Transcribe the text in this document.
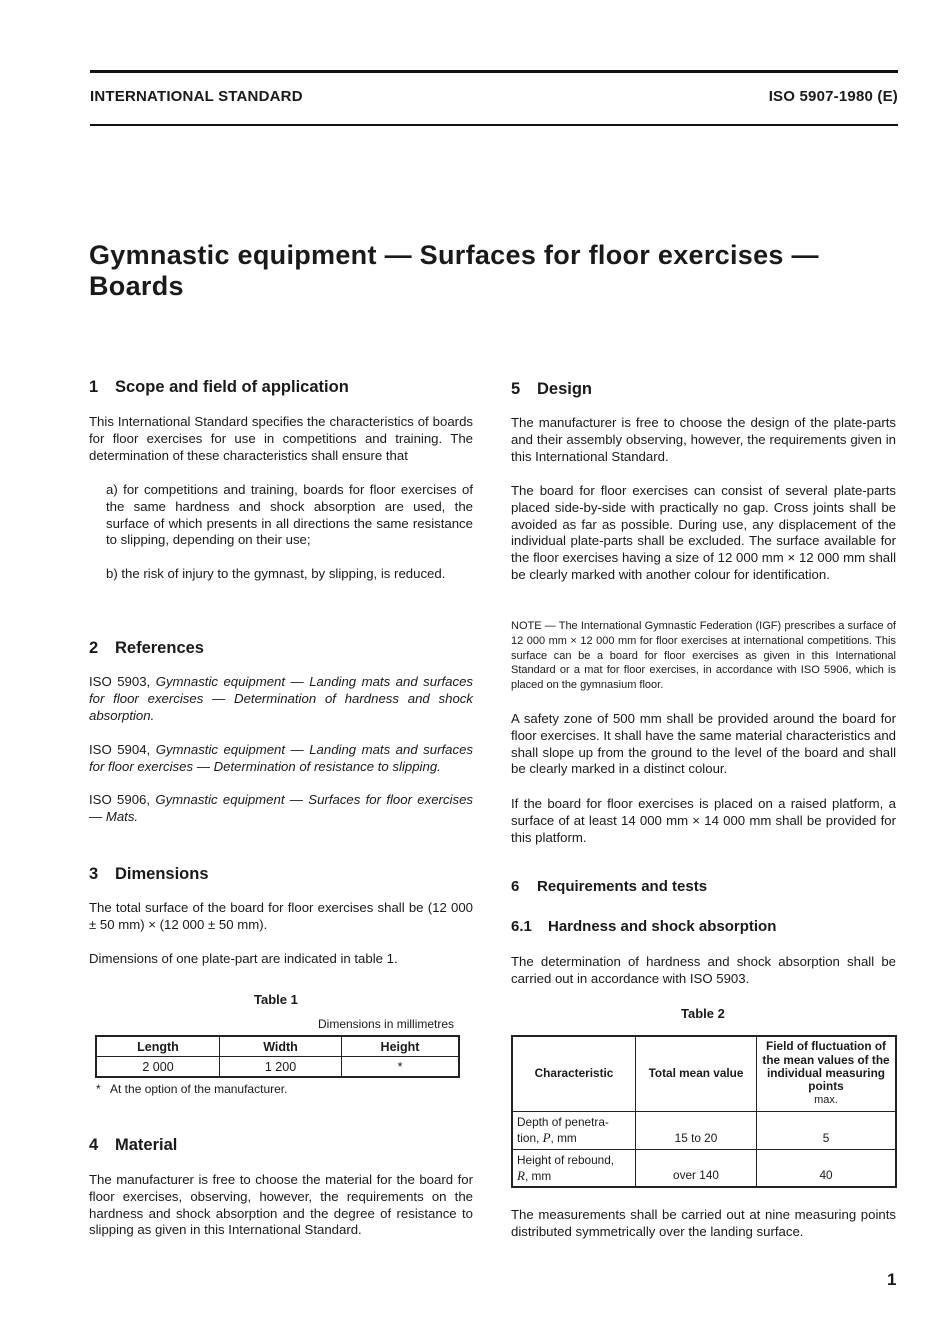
INTERNATIONAL STANDARD	ISO 5907-1980 (E)
Gymnastic equipment — Surfaces for floor exercises —
Boards
1 Scope and field of application
This International Standard specifies the characteristics of boards for floor exercises for use in competitions and training. The determination of these characteristics shall ensure that
a) for competitions and training, boards for floor exercises of the same hardness and shock absorption are used, the surface of which presents in all directions the same resistance to slipping, depending on their use;
b) the risk of injury to the gymnast, by slipping, is reduced.
2 References
ISO 5903, Gymnastic equipment — Landing mats and surfaces for floor exercises — Determination of hardness and shock absorption.
ISO 5904, Gymnastic equipment — Landing mats and surfaces for floor exercises — Determination of resistance to slipping.
ISO 5906, Gymnastic equipment — Surfaces for floor exercises — Mats.
3 Dimensions
The total surface of the board for floor exercises shall be (12 000 ± 50 mm) × (12 000 ± 50 mm).
Dimensions of one plate-part are indicated in table 1.
Table 1
Dimensions in millimetres
Length	Width	Height
2 000	1 200	*
*   At the option of the manufacturer.
4 Material
The manufacturer is free to choose the material for the board for floor exercises, observing, however, the requirements on the hardness and shock absorption and the degree of resistance to slipping as given in this International Standard.
5 Design
The manufacturer is free to choose the design of the plate-parts and their assembly observing, however, the requirements given in this International Standard.
The board for floor exercises can consist of several plate-parts placed side-by-side with practically no gap. Cross joints shall be avoided as far as possible. During use, any displacement of the individual plate-parts shall be excluded. The surface available for the floor exercises having a size of 12 000 mm × 12 000 mm shall be clearly marked with another colour for identification.
NOTE — The International Gymnastic Federation (IGF) prescribes a surface of 12 000 mm × 12 000 mm for floor exercises at international competitions. This surface can be a board for floor exercises as given in this International Standard or a mat for floor exercises, in accordance with ISO 5906, which is placed on the gymnasium floor.
A safety zone of 500 mm shall be provided around the board for floor exercises. It shall have the same material characteristics and shall slope up from the ground to the level of the board and shall be clearly marked in a distinct colour.
If the board for floor exercises is placed on a raised platform, a surface of at least 14 000 mm × 14 000 mm shall be provided for this platform.
6 Requirements and tests
6.1 Hardness and shock absorption
The determination of hardness and shock absorption shall be carried out in accordance with ISO 5903.
Table 2
Characteristic	Total mean value	Field of fluctuation of the mean values of the individual measuring points
max.

Depth of penetra-
tion, P, mm	15 to 20	5

Height of rebound,
R, mm	over 140	40
The measurements shall be carried out at nine measuring points distributed symmetrically over the landing surface.
1
